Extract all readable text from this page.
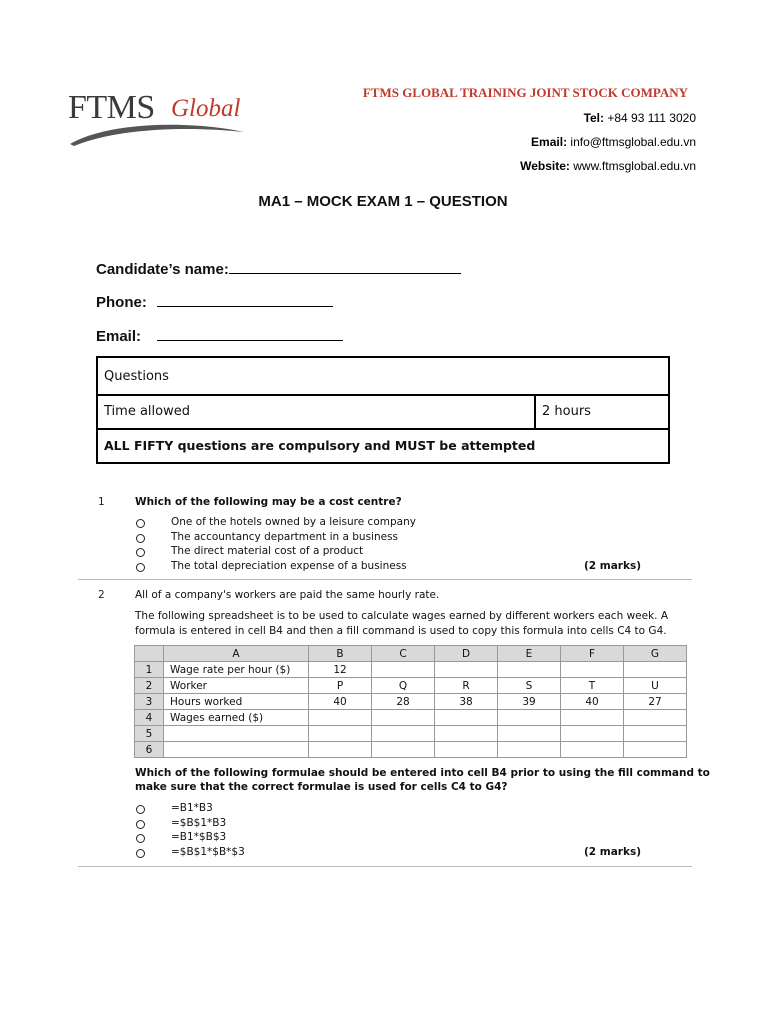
FTMS Global
FTMS GLOBAL TRAINING JOINT STOCK COMPANY
Tel: +84 93 111 3020
Email: info@ftmsglobal.edu.vn
Website: www.ftmsglobal.edu.vn
MA1 – MOCK EXAM 1 – QUESTION
Candidate’s name:
Phone:
Email:
Questions
Time allowed	2 hours
ALL FIFTY questions are compulsory and MUST be attempted
1	Which of the following may be a cost centre?
One of the hotels owned by a leisure company
The accountancy department in a business
The direct material cost of a product
The total depreciation expense of a business	(2 marks)
2	All of a company's workers are paid the same hourly rate.
The following spreadsheet is to be used to calculate wages earned by different workers each week. A
formula is entered in cell B4 and then a fill command is used to copy this formula into cells C4 to G4.
	A	B	C	D	E	F	G
1	Wage rate per hour ($)	12					
2	Worker	P	Q	R	S	T	U
3	Hours worked	40	28	38	39	40	27
4	Wages earned ($)						
5							
6							
Which of the following formulae should be entered into cell B4 prior to using the fill command to
make sure that the correct formulae is used for cells C4 to G4?
=B1*B3
=$B$1*B3
=B1*$B$3
=$B$1*$B*$3	(2 marks)
